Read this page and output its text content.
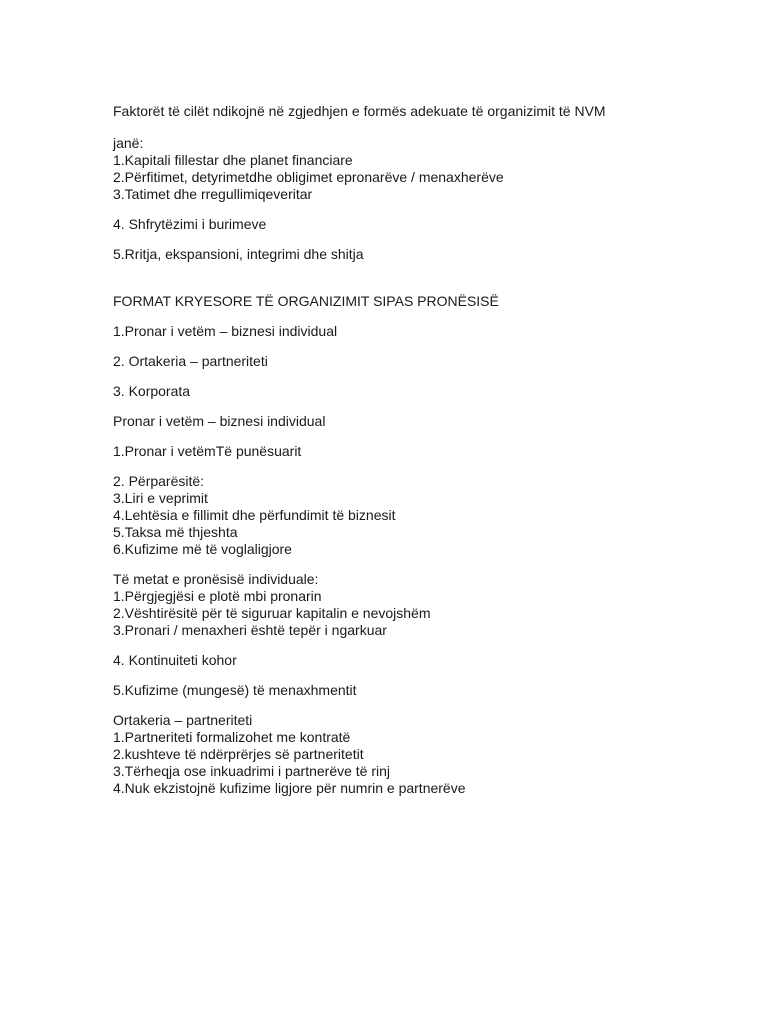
Faktorët të cilët ndikojnë në zgjedhjen e formës adekuate të organizimit të NVM

janë:
1.Kapitali fillestar dhe planet financiare
2.Përfitimet, detyrimetdhe obligimet epronarëve / menaxherëve
3.Tatimet dhe rregullimiqeveritar

4. Shfrytëzimi i burimeve

5.Rritja, ekspansioni, integrimi dhe shitja

FORMAT KRYESORE TË ORGANIZIMIT SIPAS PRONËSISË

1.Pronar i vetëm – biznesi individual

2. Ortakeria – partneriteti

3. Korporata

Pronar i vetëm – biznesi individual

1.Pronar i vetëmTë punësuarit

2. Përparësitë:
3.Liri e veprimit
4.Lehtësia e fillimit dhe përfundimit të biznesit
5.Taksa më thjeshta
6.Kufizime më të voglaligjore
Të metat e pronësisë individuale:
1.Përgjegjësi e plotë mbi pronarin
2.Vështirësitë për të siguruar kapitalin e nevojshëm
3.Pronari / menaxheri është tepër i ngarkuar

4. Kontinuiteti kohor

5.Kufizime (mungesë) të menaxhmentit

Ortakeria – partneriteti
1.Partneriteti formalizohet me kontratë
2.kushteve të ndërprërjes së partneritetit
3.Tërheqja ose inkuadrimi i partnerëve të rinj
4.Nuk ekzistojnë kufizime ligjore për numrin e partnerëve
